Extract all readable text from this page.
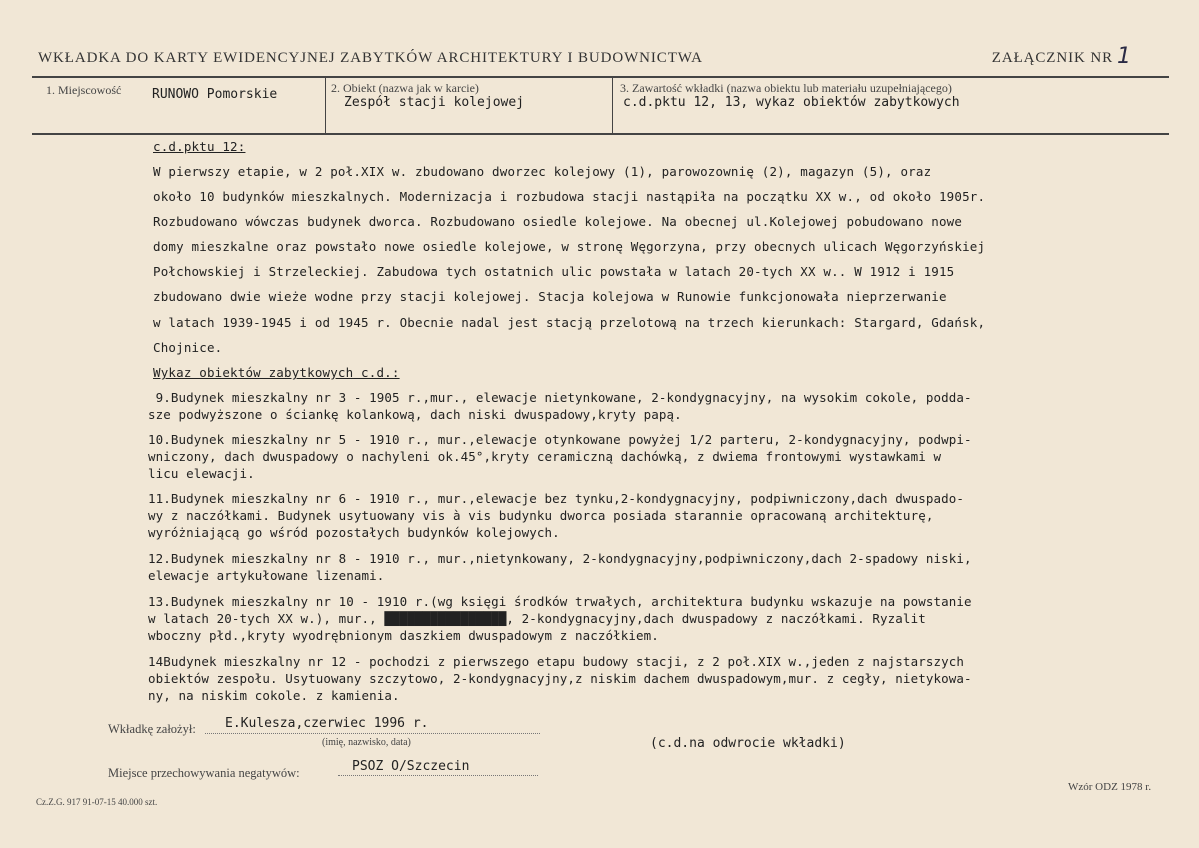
WKŁADKA DO KARTY EWIDENCYJNEJ ZABYTKÓW ARCHITEKTURY I BUDOWNICTWA	ZAŁĄCZNIK NR 1
1. Miejscowość RUNOWO Pomorskie	2. Obiekt (nazwa jak w karcie)
Zespół stacji kolejowej
3. Zawartość wkładki (nazwa obiektu lub materiału uzupełniającego)
c.d.pktu 12, 13, wykaz obiektów zabytkowych
c.d.pktu 12:
W pierwszy etapie, w 2 poł.XIX w. zbudowano dworzec kolejowy (1), parowozownię (2), magazyn (5), oraz
około 10 budynków mieszkalnych. Modernizacja i rozbudowa stacji nastąpiła na początku XX w., od około 1905r.
Rozbudowano wówczas budynek dworca. Rozbudowano osiedle kolejowe. Na obecnej ul.Kolejowej pobudowano nowe
domy mieszkalne oraz powstało nowe osiedle kolejowe, w stronę Węgorzyna, przy obecnych ulicach Węgorzyńskiej
Połchowskiej i Strzeleckiej. Zabudowa tych ostatnich ulic powstała w latach 20-tych XX w.. W 1912 i 1915
zbudowano dwie wieże wodne przy stacji kolejowej. Stacja kolejowa w Runowie funkcjonowała nieprzerwanie
w latach 1939-1945 i od 1945 r. Obecnie nadal jest stacją przelotową na trzech kierunkach: Stargard, Gdańsk,
Chojnice.
Wykaz obiektów zabytkowych c.d.:
9.Budynek mieszkalny nr 3 - 1905 r.,mur., elewacje nietynkowane, 2-kondygnacyjny, na wysokim cokole, podda-
sze podwyższone o ściankę kolankową, dach niski dwuspadowy,kryty papą.
10.Budynek mieszkalny nr 5 - 1910 r., mur.,elewacje otynkowane powyżej 1/2 parteru, 2-kondygnacyjny, podwpi-
wniczony, dach dwuspadowy o nachyleni ok.45°,kryty ceramiczną dachówką, z dwiema frontowymi wystawkami w
licu elewacji.
11.Budynek mieszkalny nr 6 - 1910 r., mur.,elewacje bez tynku,2-kondygnacyjny, podpiwniczony,dach dwuspado-
wy z naczółkami. Budynek usytuowany vis à vis budynku dworca posiada starannie opracowaną architekturę,
wyróżniającą go wśród pozostałych budynków kolejowych.
12.Budynek mieszkalny nr 8 - 1910 r., mur.,nietynkowany, 2-kondygnacyjny,podpiwniczony,dach 2-spadowy niski,
elewacje artykułowane lizenami.
13.Budynek mieszkalny nr 10 - 1910 r.(wg księgi środków trwałych, architektura budynku wskazuje na powstanie
w latach 20-tych XX w.), mur., ████████████████, 2-kondygnacyjny,dach dwuspadowy z naczółkami. Ryzalit
wboczny płd.,kryty wyodrębnionym daszkiem dwuspadowym z naczółkiem.
14Budynek mieszkalny nr 12 - pochodzi z pierwszego etapu budowy stacji, z 2 poł.XIX w.,jeden z najstarszych
obiektów zespołu. Usytuowany szczytowo, 2-kondygnacyjny,z niskim dachem dwuspadowym,mur. z cegły, nietykowa-
ny, na niskim cokole. z kamienia.
Wkładkę założył: E.Kulesza,czerwiec 1996 r.
(imię, nazwisko, data)	(c.d.na odwrocie wkładki)
Miejsce przechowywania negatywów:	PSOZ O/Szczecin
Cz.Z.G. 917 91-07-15 40.000 szt.
Wzór ODZ 1978 r.
